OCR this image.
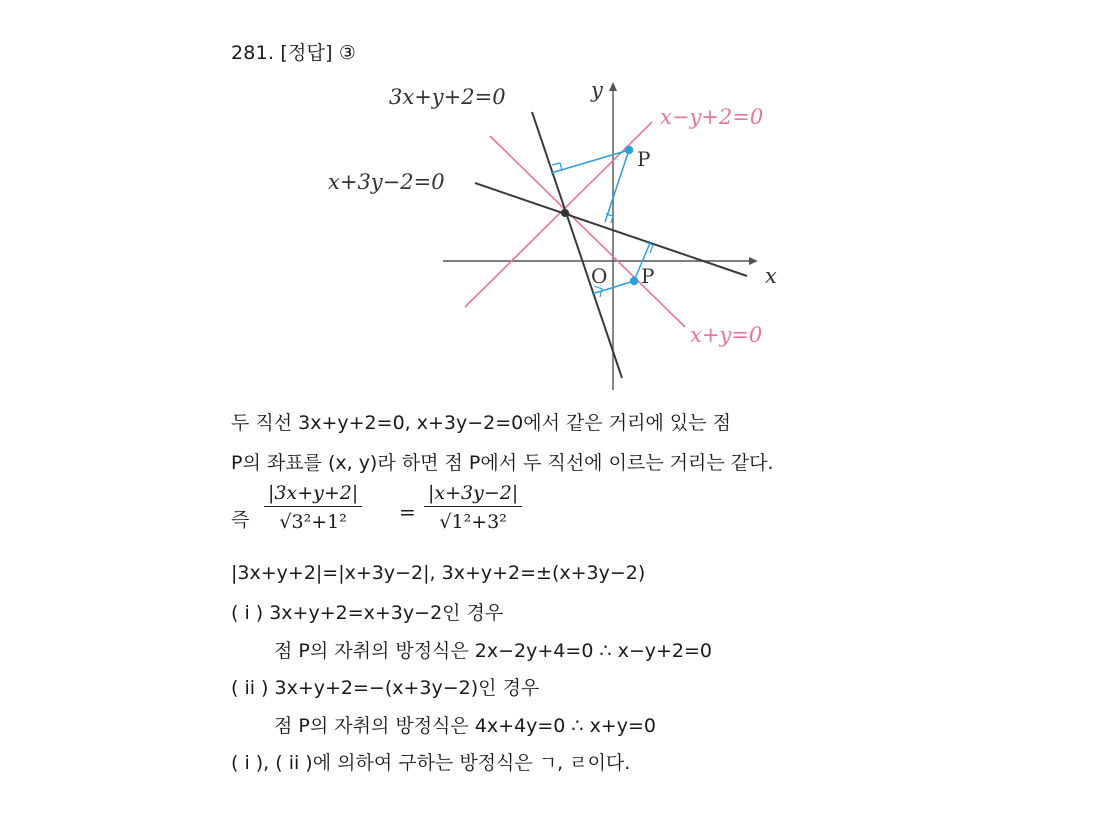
281. [정답] ③
3x+y+2=0
x+3y−2=0
x−y+2=0
x+y=0
x
y
O
P
P
두 직선 3x+y+2=0, x+3y−2=0에서 같은 거리에 있는 점
P의 좌표를 (x, y)라 하면 점 P에서 두 직선에 이르는 거리는 같다.
즉 $\frac{|3x+y+2|}{\text{√3²+1²}} = \frac{|x+3y-2|}{\text{√1²+3²}}$
|3x+y+2|=|x+3y−2|, 3x+y+2=±(x+3y−2)
( i ) 3x+y+2=x+3y−2인 경우
점 P의 자취의 방정식은 2x−2y+4=0 ∴ x−y+2=0
( ii ) 3x+y+2=−(x+3y−2)인 경우
점 P의 자취의 방정식은 4x+4y=0 ∴ x+y=0
( i ), ( ii )에 의하여 구하는 방정식은 ㄱ, ㄹ이다.
